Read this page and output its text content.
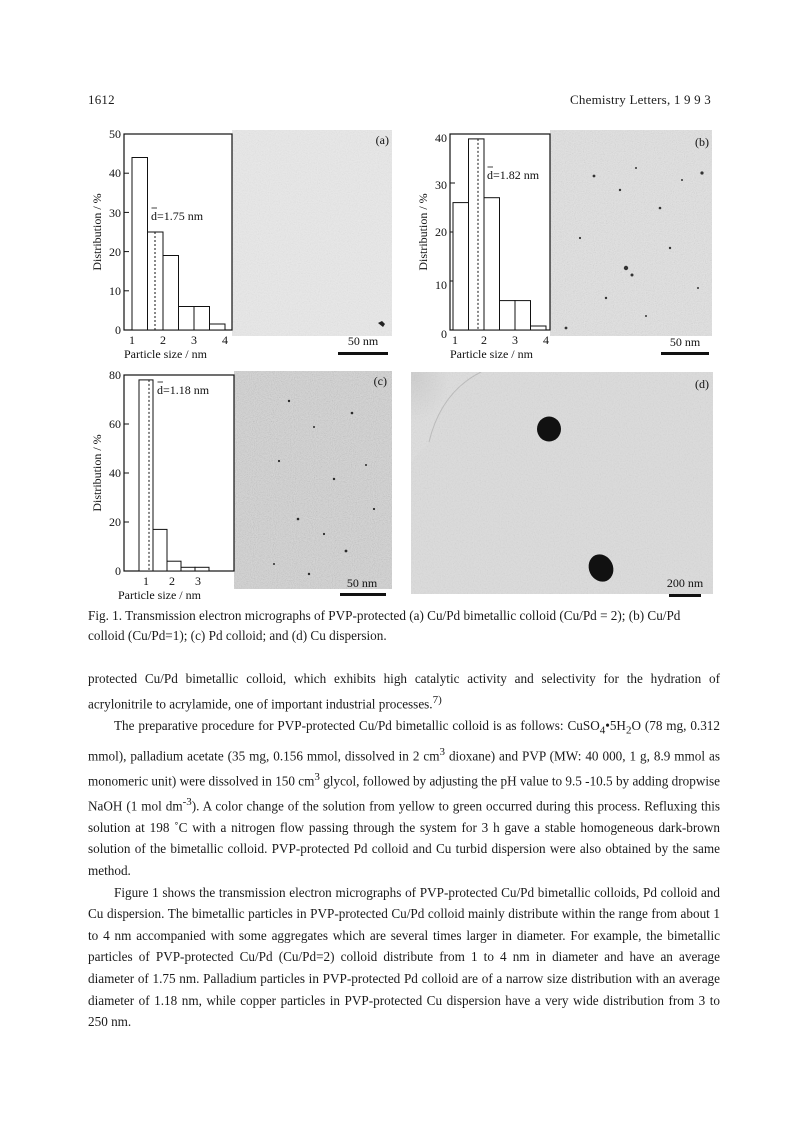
1612	Chemistry Letters, 1 9 9 3
d=1.75 nm
0
10
20
30
40
50
1 2 3 4
Particle size / nm
Distribution / %
(a)
50 nm
d=1.82 nm
0
10
20
30
40
1 2 3 4
Particle size / nm
Distribution / %
(b)
50 nm
d=1.18 nm
0
20
40
60
80
1 2 3
Particle size / nm
Distribution / %
(c)
50 nm
(d)
200 nm
Fig. 1. Transmission electron micrographs of PVP-protected (a) Cu/Pd bimetallic colloid (Cu/Pd = 2); (b) Cu/Pd colloid (Cu/Pd=1); (c) Pd colloid; and (d) Cu dispersion.

protected Cu/Pd bimetallic colloid, which exhibits high catalytic activity and selectivity for the hydration of acrylonitrile to acrylamide, one of important industrial processes.$^{7)}$

The preparative procedure for PVP-protected Cu/Pd bimetallic colloid is as follows: $CuSO_4•5H_2O$ (78 mg, 0.312 mmol), palladium acetate (35 mg, 0.156 mmol, dissolved in 2 $cm^3$ dioxane) and PVP (MW: 40 000, 1 g, 8.9 mmol as monomeric unit) were dissolved in 150 $cm^3$ glycol, followed by adjusting the pH value to 9.5 -10.5 by adding dropwise NaOH (1 mol $dm^{-3}$). A color change of the solution from yellow to green occurred during this process. Refluxing this solution at 198 ˚C with a nitrogen flow passing through the system for 3 h gave a stable homogeneous dark-brown solution of the bimetallic colloid. PVP-protected Pd colloid and Cu turbid dispersion were also obtained by the same method.

Figure 1 shows the transmission electron micrographs of PVP-protected Cu/Pd bimetallic colloids, Pd colloid and Cu dispersion. The bimetallic particles in PVP-protected Cu/Pd colloid mainly distribute within the range from about 1 to 4 nm accompanied with some aggregates which are several times larger in diameter. For example, the bimetallic particles of PVP-protected Cu/Pd (Cu/Pd=2) colloid distribute from 1 to 4 nm in diameter and have an average diameter of 1.75 nm. Palladium particles in PVP-protected Pd colloid are of a narrow size distribution with an average diameter of 1.18 nm, while copper particles in PVP-protected Cu dispersion have a very wide distribution from 3 to 250 nm.
